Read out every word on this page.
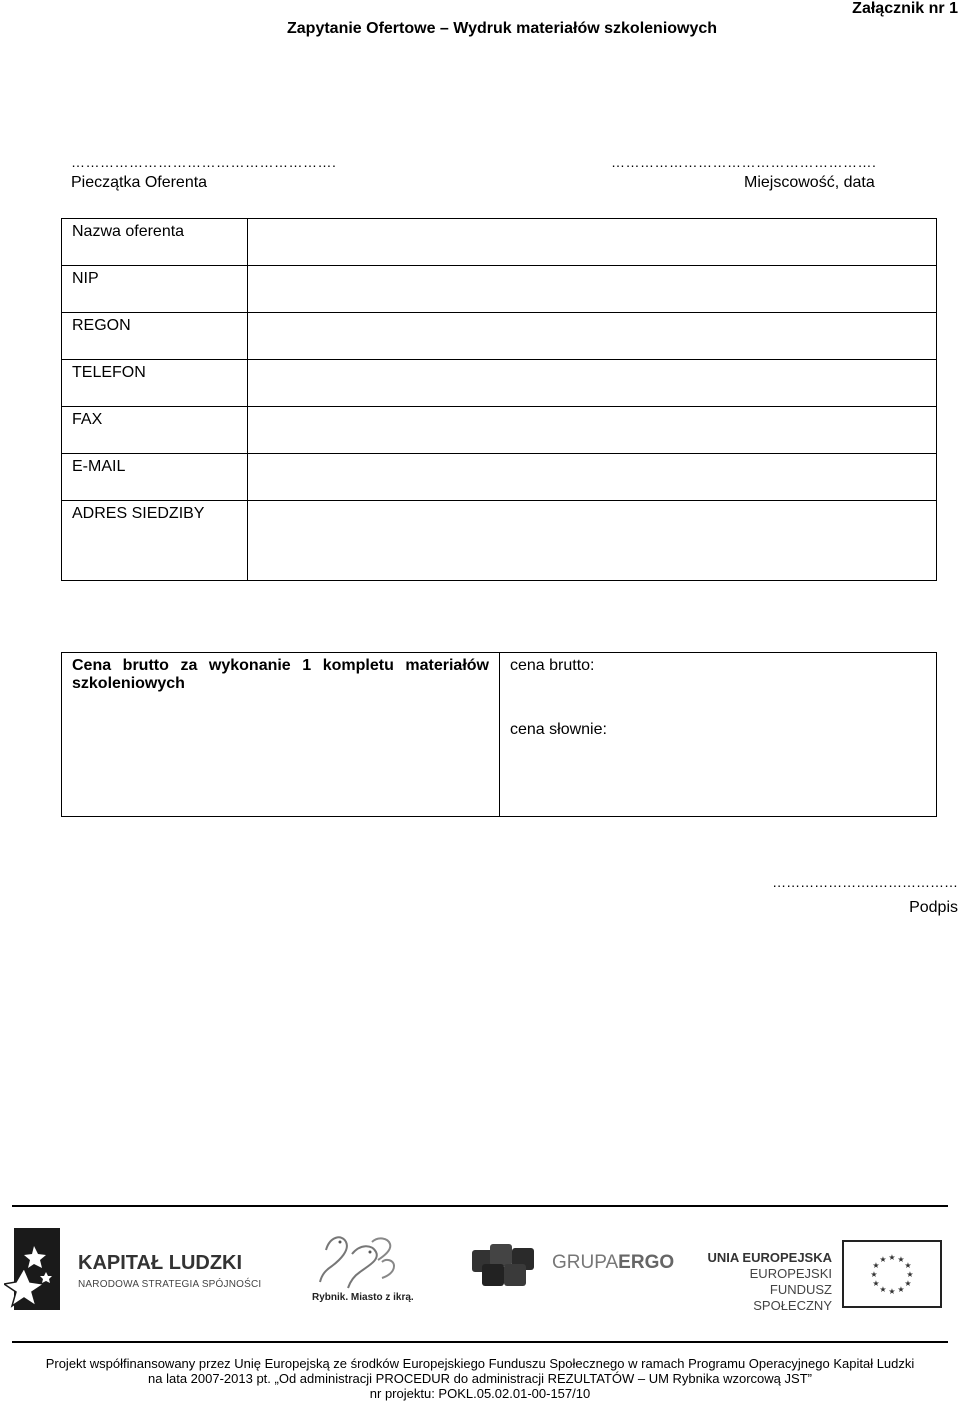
Załącznik nr 1
Zapytanie Ofertowe – Wydruk materiałów szkoleniowych
……………………………………………….	……………………………………………….
Pieczątka Oferenta	Miejscowość, data
Nazwa oferenta	
NIP	
REGON	
TELEFON	
FAX	
E-MAIL	
ADRES SIEDZIBY	
Cena brutto za wykonanie 1 kompletu materiałów szkoleniowych	
cena brutto:
cena słownie:
………………….………………
Podpis
KAPITAŁ LUDZKI
NARODOWA STRATEGIA SPÓJNOŚCI
Rybnik. Miasto z ikrą.
GRUPAERGO	UNIA EUROPEJSKA
EUROPEJSKI
FUNDUSZ SPOŁECZNY
★ ★
★
★
★
★
★
★
★
★
★
★
Projekt współfinansowany przez Unię Europejską ze środków Europejskiego Funduszu Społecznego w ramach Programu Operacyjnego Kapitał Ludzki
na lata 2007-2013 pt. „Od administracji PROCEDUR do administracji REZULTATÓW – UM Rybnika wzorcową JST”
nr projektu: POKL.05.02.01-00-157/10
